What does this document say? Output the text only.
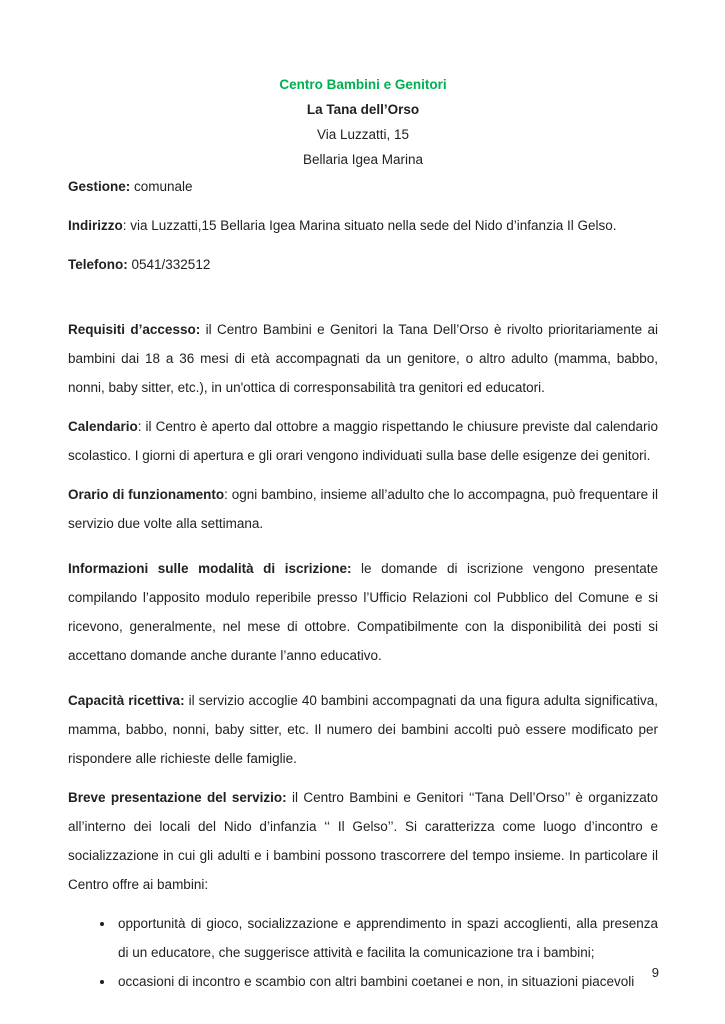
Centro Bambini e Genitori
La Tana dell’Orso
Via Luzzatti, 15
Bellaria Igea Marina

Gestione: comunale

Indirizzo: via Luzzatti,15 Bellaria Igea Marina situato nella sede del Nido d’infanzia Il Gelso.

Telefono: 0541/332512

Requisiti d’accesso: il Centro Bambini e Genitori la Tana Dell’Orso è rivolto prioritariamente ai bambini dai 18 a 36 mesi di età accompagnati da un genitore, o altro adulto (mamma, babbo, nonni, baby sitter, etc.), in un'ottica di corresponsabilità tra genitori ed educatori.

Calendario: il Centro è aperto dal ottobre a maggio rispettando le chiusure previste dal calendario scolastico. I giorni di apertura e gli orari vengono individuati sulla base delle esigenze dei genitori.

Orario di funzionamento: ogni bambino, insieme all’adulto che lo accompagna, può frequentare il servizio due volte alla settimana.

Informazioni sulle modalità di iscrizione: le domande di iscrizione vengono presentate compilando l’apposito modulo reperibile presso l’Ufficio Relazioni col Pubblico del Comune e si ricevono, generalmente, nel mese di ottobre. Compatibilmente con la disponibilità dei posti si accettano domande anche durante l’anno educativo.

Capacità ricettiva: il servizio accoglie 40 bambini accompagnati da una figura adulta significativa, mamma, babbo, nonni, baby sitter, etc. Il numero dei bambini accolti può essere modificato per rispondere alle richieste delle famiglie.

Breve presentazione del servizio: il Centro Bambini e Genitori ‘‘Tana Dell’Orso’’ è organizzato all’interno dei locali del Nido d’infanzia ‘‘ Il Gelso’’. Si caratterizza come luogo d’incontro e socializzazione in cui gli adulti e i bambini possono trascorrere del tempo insieme. In particolare il Centro offre ai bambini:

• opportunità di gioco, socializzazione e apprendimento in spazi accoglienti, alla presenza di un educatore, che suggerisce attività e facilita la comunicazione tra i bambini;
• occasioni di incontro e scambio con altri bambini coetanei e non, in situazioni piacevoli
9
